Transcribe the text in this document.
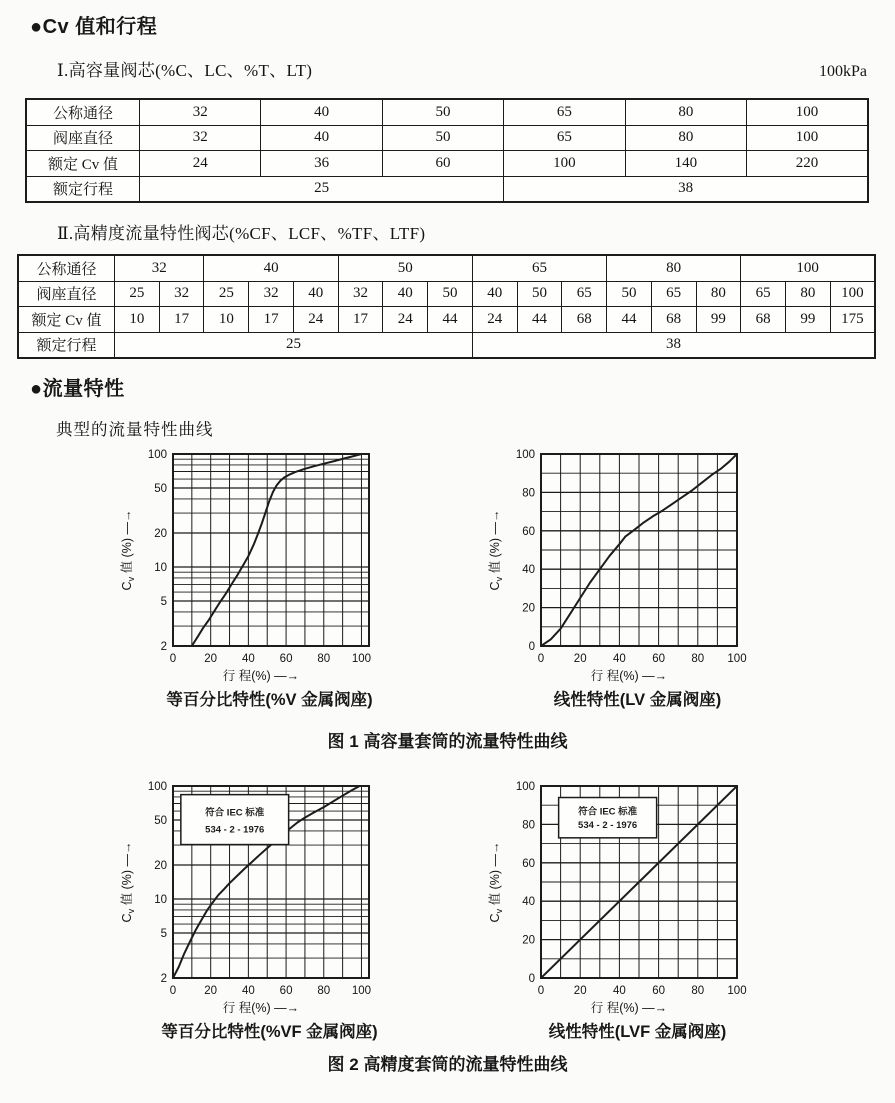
●Cv 值和行程
Ⅰ.高容量阀芯(%C、LC、%T、LT)	100kPa
公称通径	32	40	50	65	80	100
阀座直径	32	40	50	65	80	100
额定 Cv 值	24	36	60	100	140	220
额定行程	25			38		
Ⅱ.高精度流量特性阀芯(%CF、LCF、%TF、LTF)
公称通径	32		40			50			65			80			100		
阀座直径	25	32	25	32	40	32	40	50	40	50	65	50	65	80	65	80	100
额定 Cv 值	10	17	10	17	24	17	24	44	24	44	68	44	68	99	68	99	175
额定行程	25								38								
●流量特性
典型的流量特性曲线
2
5
10
20
50
100
0 20 40 60 80 100
行 程(%) —→
$C_v$ 值 (%) —→
等百分比特性(%V 金属阀座)
0
20
40
60
80
100
0	20 40 60 80 100
行 程(%) —→
$C_v$ 值 (%) —→
线性特性(LV 金属阀座)
图 1 高容量套筒的流量特性曲线
符合 IEC 标准
534 - 2 - 1976
2
5
10
20
50
100
0 20 40 60 80 100
行 程(%) —→
$C_v$ 值 (%) —→
等百分比特性(%VF 金属阀座)
符合 IEC 标准
534 - 2 - 1976
0
20
40
60
80
100
0	20 40 60 80 100
行 程(%) —→
$C_v$ 值 (%) —→
线性特性(LVF 金属阀座)
图 2 高精度套筒的流量特性曲线
